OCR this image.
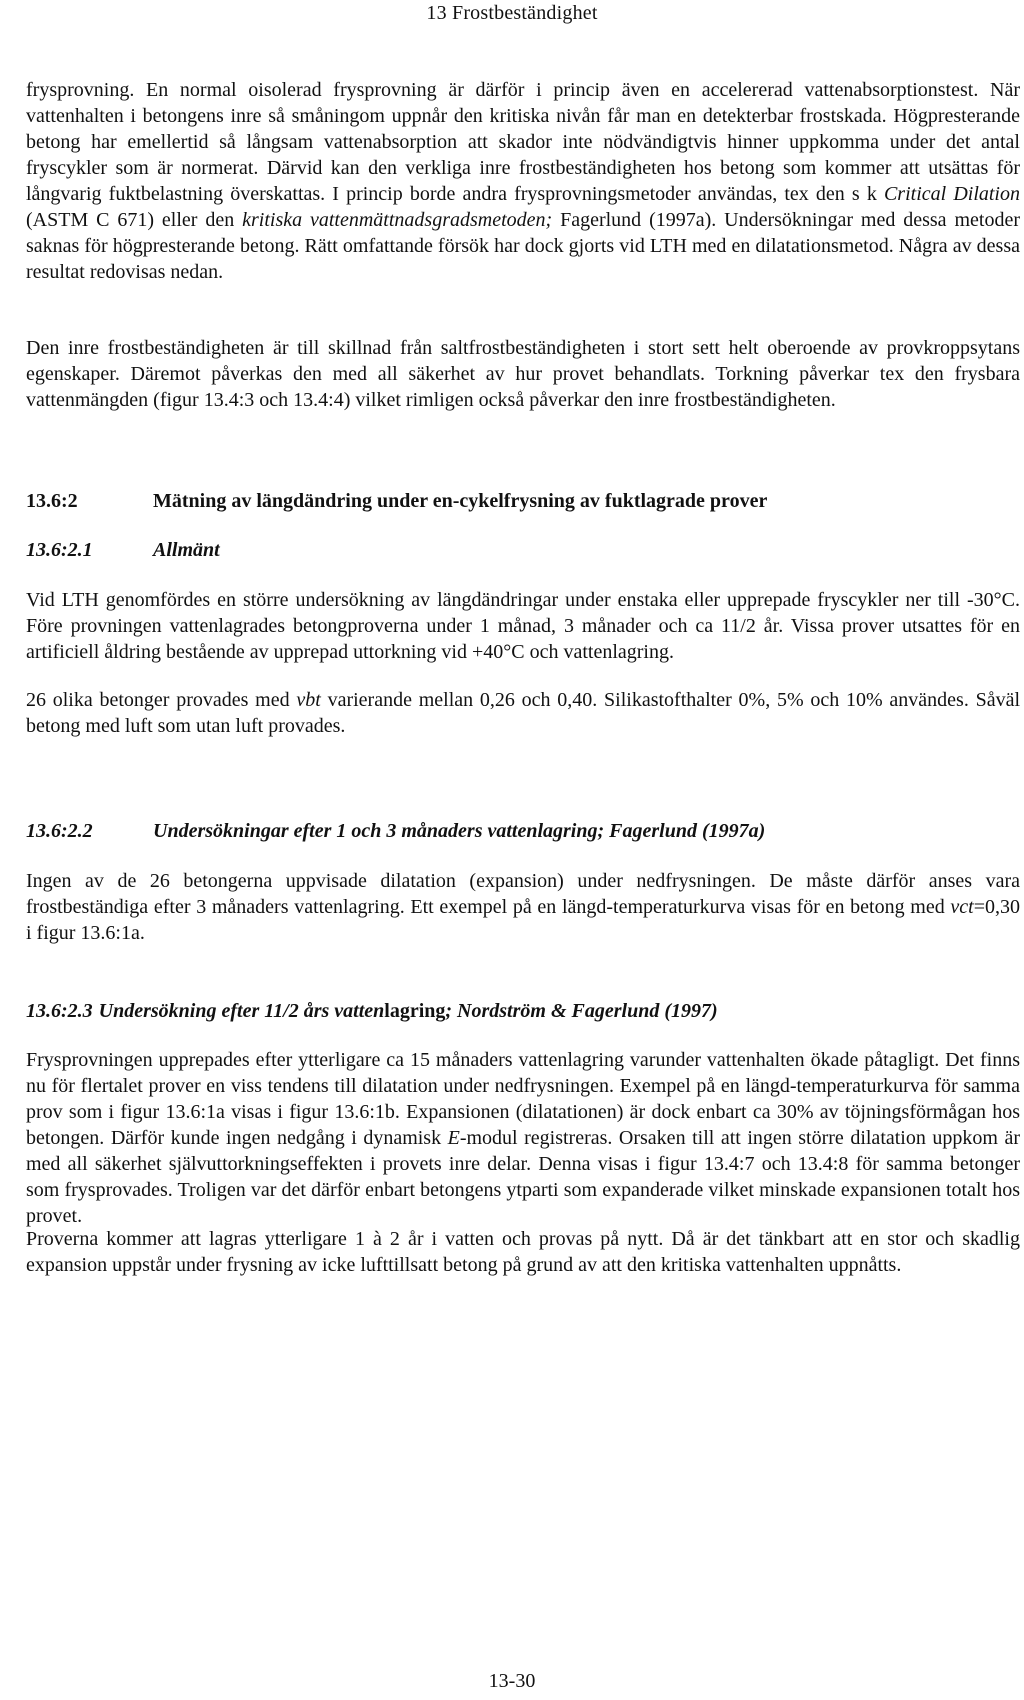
13 Frostbeständighet

frysprovning. En normal oisolerad frysprovning är därför i princip även en accelererad vattenabsorptionstest. När vattenhalten i betongens inre så småningom uppnår den kritiska nivån får man en detekterbar frostskada. Högpresterande betong har emellertid så långsam vattenabsorption att skador inte nödvändigtvis hinner uppkomma under det antal fryscykler som är normerat. Därvid kan den verkliga inre frostbeständigheten hos betong som kommer att utsättas för långvarig fuktbelastning överskattas. I princip borde andra frysprovningsmetoder användas, tex den s k Critical Dilation (ASTM C 671) eller den kritiska vattenmättnadsgradsmetoden; Fagerlund (1997a). Undersökningar med dessa metoder saknas för högpresterande betong. Rätt omfattande försök har dock gjorts vid LTH med en dilatationsmetod. Några av dessa resultat redovisas nedan.

Den inre frostbeständigheten är till skillnad från saltfrostbeständigheten i stort sett helt oberoende av provkroppsytans egenskaper. Däremot påverkas den med all säkerhet av hur provet behandlats. Torkning påverkar tex den frysbara vattenmängden (figur 13.4:3 och 13.4:4) vilket rimligen också påverkar den inre frostbeständigheten.

13.6:2	Mätning av längdändring under en-cykelfrysning av fuktlagrade prover
13.6:2.1	Allmänt

Vid LTH genomfördes en större undersökning av längdändringar under enstaka eller upprepade fryscykler ner till -30°C. Före provningen vattenlagrades betongproverna under 1 månad, 3 månader och ca 11/2 år. Vissa prover utsattes för en artificiell åldring bestående av upprepad uttorkning vid +40°C och vattenlagring.

26 olika betonger provades med vbt varierande mellan 0,26 och 0,40. Silikastofthalter 0%, 5% och 10% användes. Såväl betong med luft som utan luft provades.

13.6:2.2	Undersökningar efter 1 och 3 månaders vattenlagring; Fagerlund (1997a)

Ingen av de 26 betongerna uppvisade dilatation (expansion) under nedfrysningen. De måste därför anses vara frostbeständiga efter 3 månaders vattenlagring. Ett exempel på en längd-temperaturkurva visas för en betong med vct=0,30 i figur 13.6:1a.

13.6:2.3 Undersökning efter 11/2 års vattenlagring; Nordström & Fagerlund (1997)

Frysprovningen upprepades efter ytterligare ca 15 månaders vattenlagring varunder vattenhalten ökade påtagligt. Det finns nu för flertalet prover en viss tendens till dilatation under nedfrysningen. Exempel på en längd-temperaturkurva för samma prov som i figur 13.6:1a visas i figur 13.6:1b. Expansionen (dilatationen) är dock enbart ca 30% av töjningsförmågan hos betongen. Därför kunde ingen nedgång i dynamisk E-modul registreras. Orsaken till att ingen större dilatation uppkom är med all säkerhet självuttorkningseffekten i provets inre delar. Denna visas i figur 13.4:7 och 13.4:8 för samma betonger som frysprovades. Troligen var det därför enbart betongens ytparti som expanderade vilket minskade expansionen totalt hos provet.

Proverna kommer att lagras ytterligare 1 à 2 år i vatten och provas på nytt. Då är det tänkbart att en stor och skadlig expansion uppstår under frysning av icke lufttillsatt betong på grund av att den kritiska vattenhalten uppnåtts.

13-30
